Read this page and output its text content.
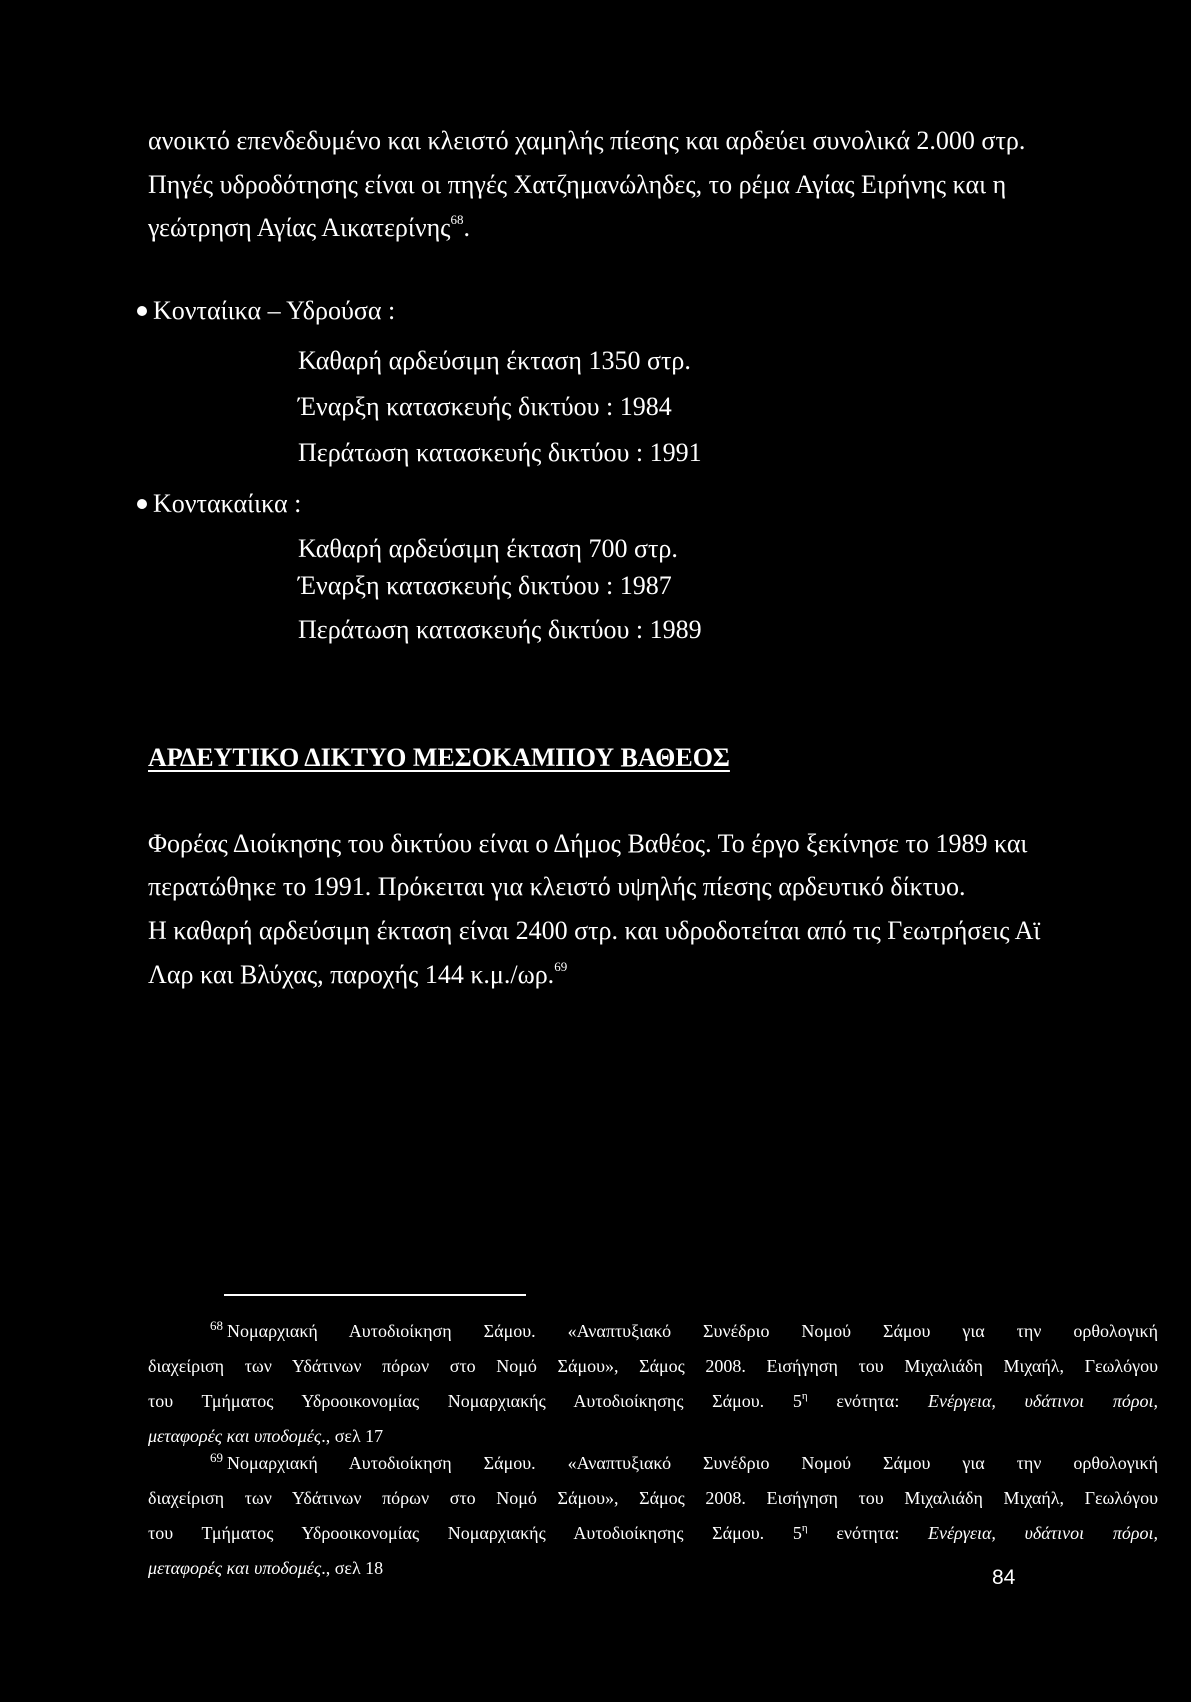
ανοικτό επενδεδυμένο και κλειστό χαμηλής πίεσης και αρδεύει συνολικά 2.000 στρ.
Πηγές υδροδότησης είναι οι πηγές Χατζημανώληδες, το ρέμα Αγίας Ειρήνης και η
γεώτρηση Αγίας Αικατερίνης$^{68}$.
Κονταίικα – Υδρούσα :
Καθαρή αρδεύσιμη έκταση 1350 στρ.
Έναρξη κατασκευής δικτύου : 1984
Περάτωση κατασκευής δικτύου : 1991
Κοντακαίικα :
Καθαρή αρδεύσιμη έκταση 700 στρ.
Έναρξη κατασκευής δικτύου : 1987
Περάτωση κατασκευής δικτύου : 1989
ΑΡΔΕΥΤΙΚΟ ΔΙΚΤΥΟ ΜΕΣΟΚΑΜΠΟΥ ΒΑΘΕΟΣ
Φορέας Διοίκησης του δικτύου είναι ο Δήμος Βαθέος. Το έργο ξεκίνησε το 1989 και
περατώθηκε το 1991. Πρόκειται για κλειστό υψηλής πίεσης αρδευτικό δίκτυο.
Η καθαρή αρδεύσιμη έκταση είναι 2400 στρ. και υδροδοτείται από τις Γεωτρήσεις Αϊ
Λαρ και Βλύχας, παροχής 144 κ.μ./ωρ.$^{69}$
$^{68}$ Νομαρχιακή Αυτοδιοίκηση Σάμου. «Αναπτυξιακό Συνέδριο Νομού Σάμου για την ορθολογική
διαχείριση των Υδάτινων πόρων στο Νομό Σάμου», Σάμος 2008. Εισήγηση του Μιχαλιάδη Μιχαήλ, Γεωλόγου
του Τμήματος Υδροοικονομίας Νομαρχιακής Αυτοδιοίκησης Σάμου. $5^\eta$ ενότητα: Ενέργεια, υδάτινοι πόροι,
μεταφορές και υποδομές., σελ 17
$^{69}$ Νομαρχιακή Αυτοδιοίκηση Σάμου. «Αναπτυξιακό Συνέδριο Νομού Σάμου για την ορθολογική
διαχείριση των Υδάτινων πόρων στο Νομό Σάμου», Σάμος 2008. Εισήγηση του Μιχαλιάδη Μιχαήλ, Γεωλόγου
του Τμήματος Υδροοικονομίας Νομαρχιακής Αυτοδιοίκησης Σάμου. $5^\eta$ ενότητα: Ενέργεια, υδάτινοι πόροι,
μεταφορές και υποδομές., σελ 18	84
